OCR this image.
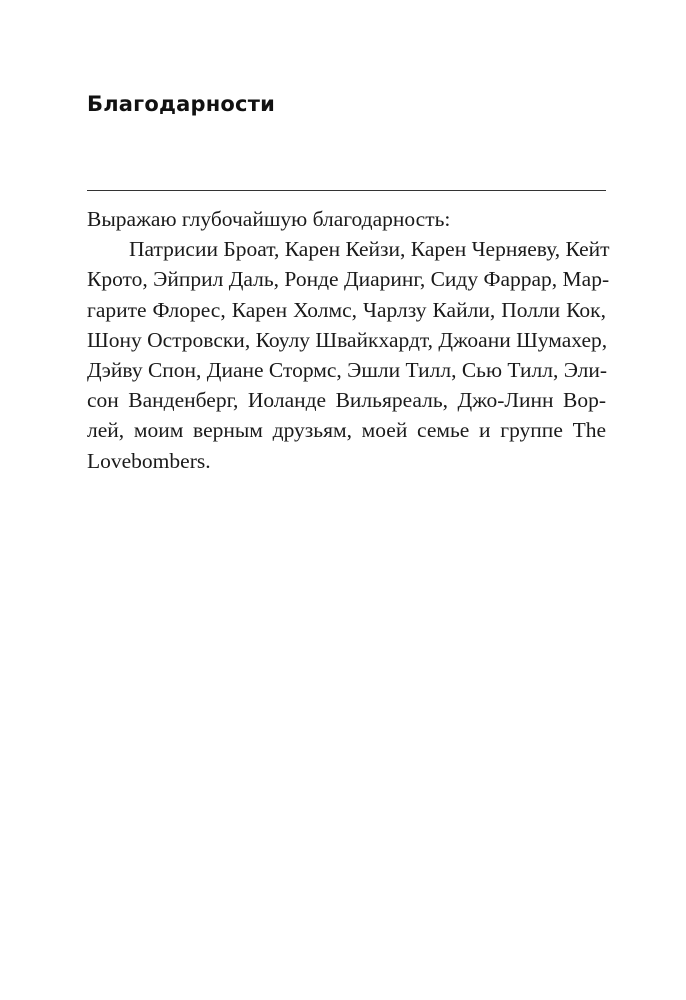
Благодарности

Выражаю глубочайшую благодарность:

Патрисии Броат, Карен Кейзи, Карен Черняеву, Кейт
Крото, Эйприл Даль, Ронде Диаринг, Сиду Фаррар, Мар-
гарите Флорес, Карен Холмс, Чарлзу Кайли, Полли Кок,
Шону Островски, Коулу Швайкхардт, Джоани Шумахер,
Дэйву Спон, Диане Стормс, Эшли Тилл, Сью Тилл, Эли-
сон Ванденберг, Иоланде Вильяреаль, Джо-Линн Вор-
лей, моим верным друзьям, моей семье и группе The
Lovebombers.
